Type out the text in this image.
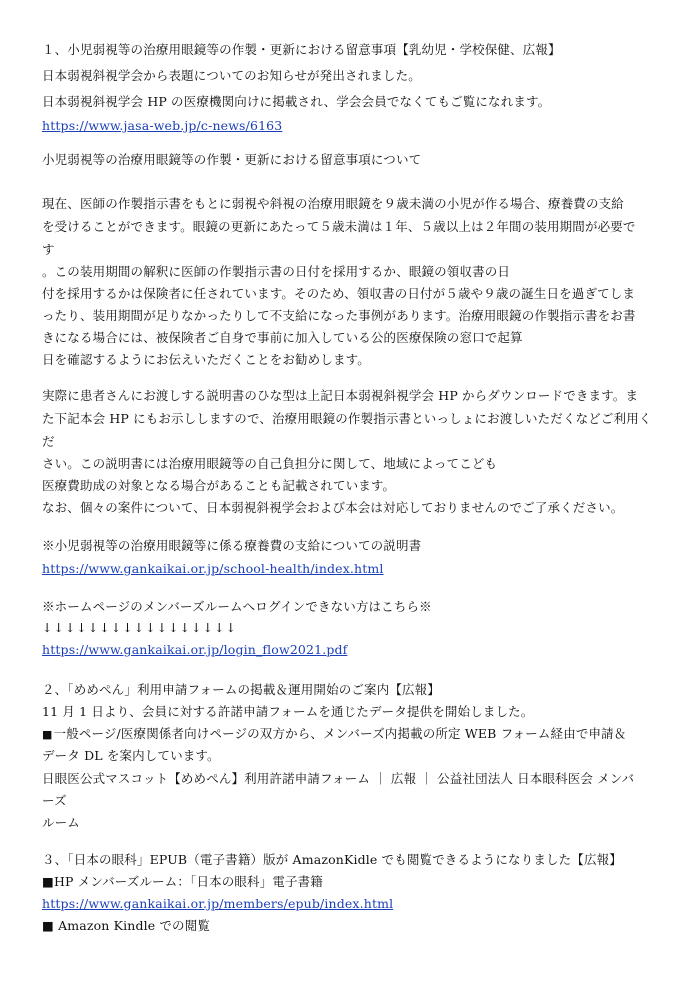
１、小児弱視等の治療用眼鏡等の作製・更新における留意事項【乳幼児・学校保健、広報】
日本弱視斜視学会から表題についてのお知らせが発出されました。
日本弱視斜視学会 HP の医療機関向けに掲載され、学会会員でなくてもご覧になれます。
https://www.jasa-web.jp/c-news/6163
小児弱視等の治療用眼鏡等の作製・更新における留意事項について
現在、医師の作製指示書をもとに弱視や斜視の治療用眼鏡を９歳未満の小児が作る場合、療養費の支給
を受けることができます。眼鏡の更新にあたって５歳未満は１年、５歳以上は２年間の装用期間が必要で
す
。この装用期間の解釈に医師の作製指示書の日付を採用するか、眼鏡の領収書の日
付を採用するかは保険者に任されています。そのため、領収書の日付が５歳や９歳の誕生日を過ぎてしま
ったり、装用期間が足りなかったりして不支給になった事例があります。治療用眼鏡の作製指示書をお書
きになる場合には、被保険者ご自身で事前に加入している公的医療保険の窓口で起算
日を確認するようにお伝えいただくことをお勧めします。
実際に患者さんにお渡しする説明書のひな型は上記日本弱視斜視学会 HP からダウンロードできます。ま
た下記本会 HP にもお示ししますので、治療用眼鏡の作製指示書といっしょにお渡しいただくなどご利用く
だ
さい。この説明書には治療用眼鏡等の自己負担分に関して、地域によってこども
医療費助成の対象となる場合があることも記載されています。
なお、個々の案件について、日本弱視斜視学会および本会は対応しておりませんのでご了承ください。
※小児弱視等の治療用眼鏡等に係る療養費の支給についての説明書
https://www.gankaikai.or.jp/school-health/index.html
※ホームページのメンバーズルームへログインできない方はこちら※
↓↓↓↓↓↓↓↓↓↓↓↓↓↓↓↓↓
https://www.gankaikai.or.jp/login_flow2021.pdf
２、「めめぺん」利用申請フォームの掲載＆運用開始のご案内【広報】
11 月 1 日より、会員に対する許諾申請フォームを通じたデータ提供を開始しました。
■一般ページ/医療関係者向けページの双方から、メンバーズ内掲載の所定 WEB フォーム経由で申請＆
データ DL を案内しています。
日眼医公式マスコット【めめぺん】利用許諾申請フォーム ｜ 広報 ｜ 公益社団法人 日本眼科医会 メンバ
ーズ
ルーム
３、「日本の眼科」EPUB（電子書籍）版が AmazonKidle でも閲覧できるようになりました【広報】
■HP メンバーズルーム：「日本の眼科」電子書籍
https://www.gankaikai.or.jp/members/epub/index.html
■ Amazon Kindle での閲覧
